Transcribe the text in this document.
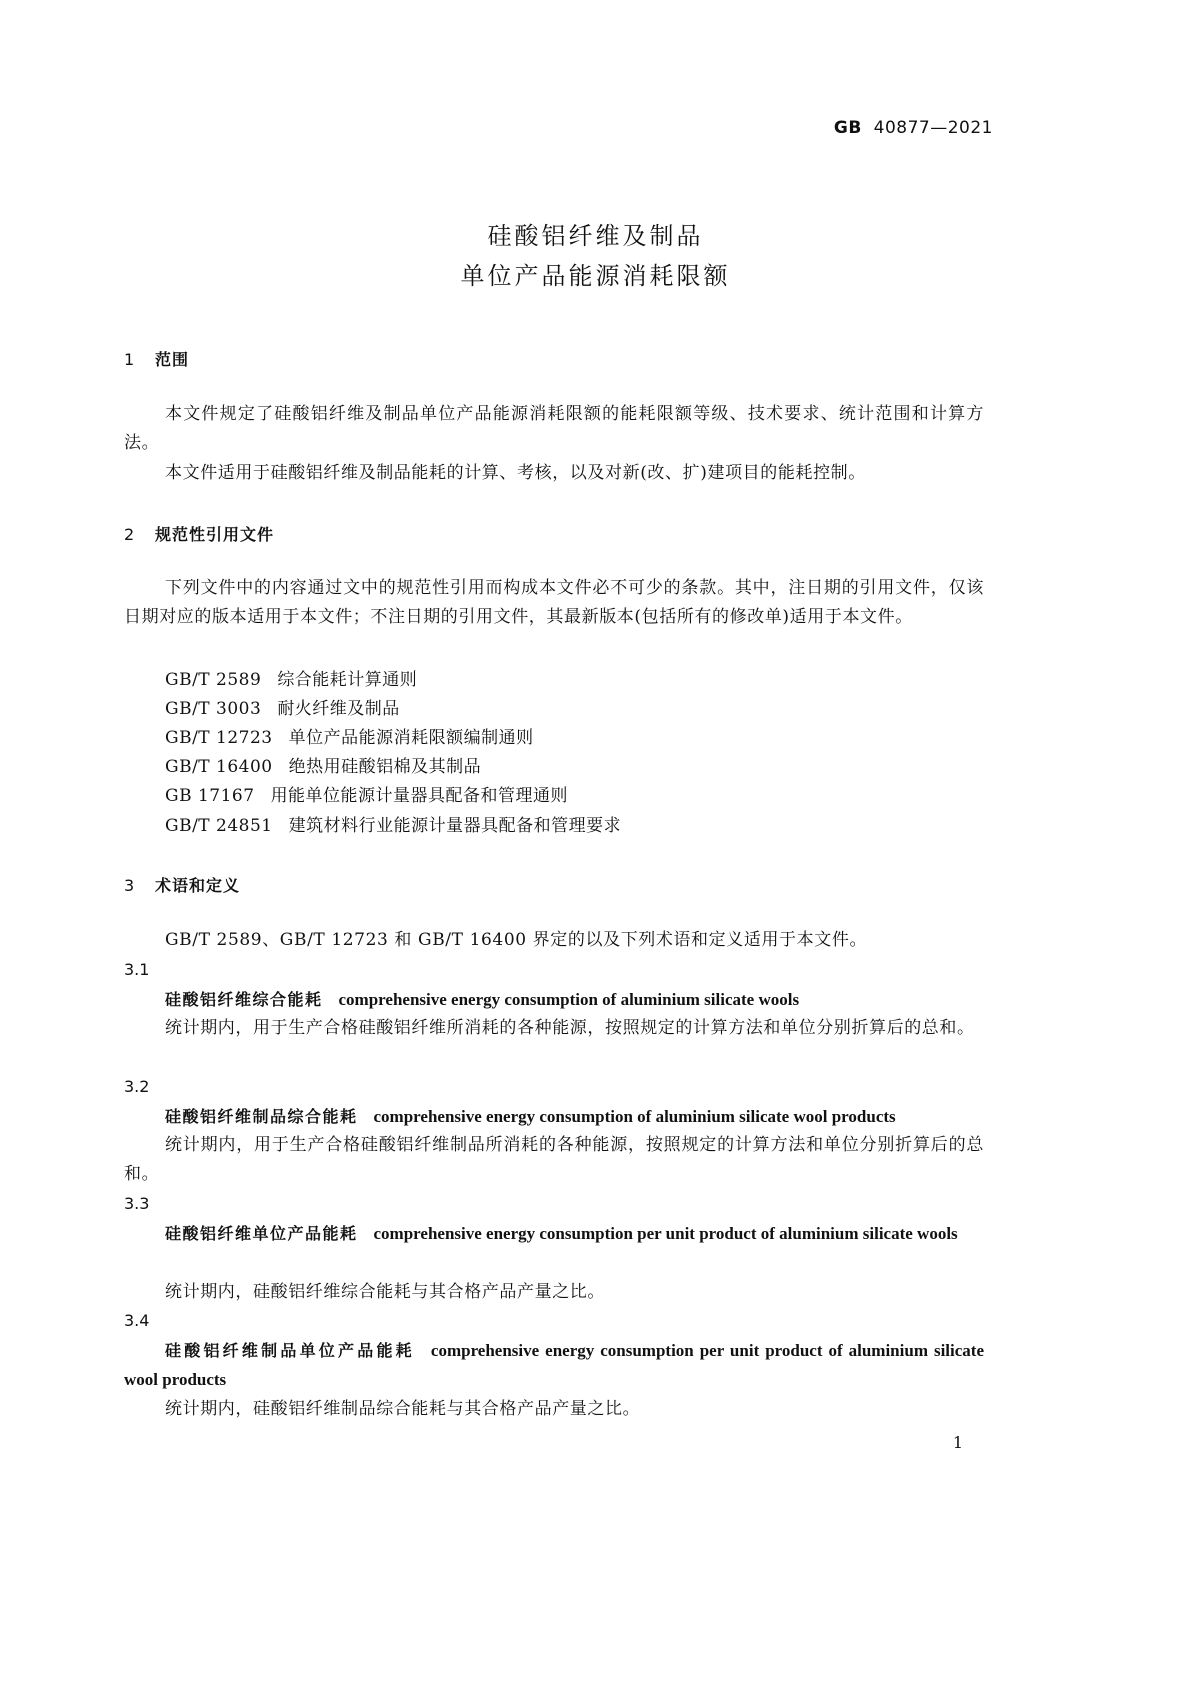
GB 40877—2021
硅酸铝纤维及制品
单位产品能源消耗限额
1 范围
本文件规定了硅酸铝纤维及制品单位产品能源消耗限额的能耗限额等级、技术要求、统计范围和计算方法。
本文件适用于硅酸铝纤维及制品能耗的计算、考核，以及对新(改、扩)建项目的能耗控制。
2 规范性引用文件
下列文件中的内容通过文中的规范性引用而构成本文件必不可少的条款。其中，注日期的引用文件，仅该日期对应的版本适用于本文件；不注日期的引用文件，其最新版本(包括所有的修改单)适用于本文件。
GB/T 2589 综合能耗计算通则
GB/T 3003 耐火纤维及制品
GB/T 12723 单位产品能源消耗限额编制通则
GB/T 16400 绝热用硅酸铝棉及其制品
GB 17167 用能单位能源计量器具配备和管理通则
GB/T 24851 建筑材料行业能源计量器具配备和管理要求
3 术语和定义
GB/T 2589、GB/T 12723 和 GB/T 16400 界定的以及下列术语和定义适用于本文件。
3.1
硅酸铝纤维综合能耗 comprehensive energy consumption of aluminium silicate wools
统计期内，用于生产合格硅酸铝纤维所消耗的各种能源，按照规定的计算方法和单位分别折算后的总和。
3.2
硅酸铝纤维制品综合能耗 comprehensive energy consumption of aluminium silicate wool products
统计期内，用于生产合格硅酸铝纤维制品所消耗的各种能源，按照规定的计算方法和单位分别折算后的总和。
3.3
硅酸铝纤维单位产品能耗 comprehensive energy consumption per unit product of aluminium silicate wools
统计期内，硅酸铝纤维综合能耗与其合格产品产量之比。
3.4
硅酸铝纤维制品单位产品能耗 comprehensive energy consumption per unit product of aluminium silicate wool products
统计期内，硅酸铝纤维制品综合能耗与其合格产品产量之比。
1
